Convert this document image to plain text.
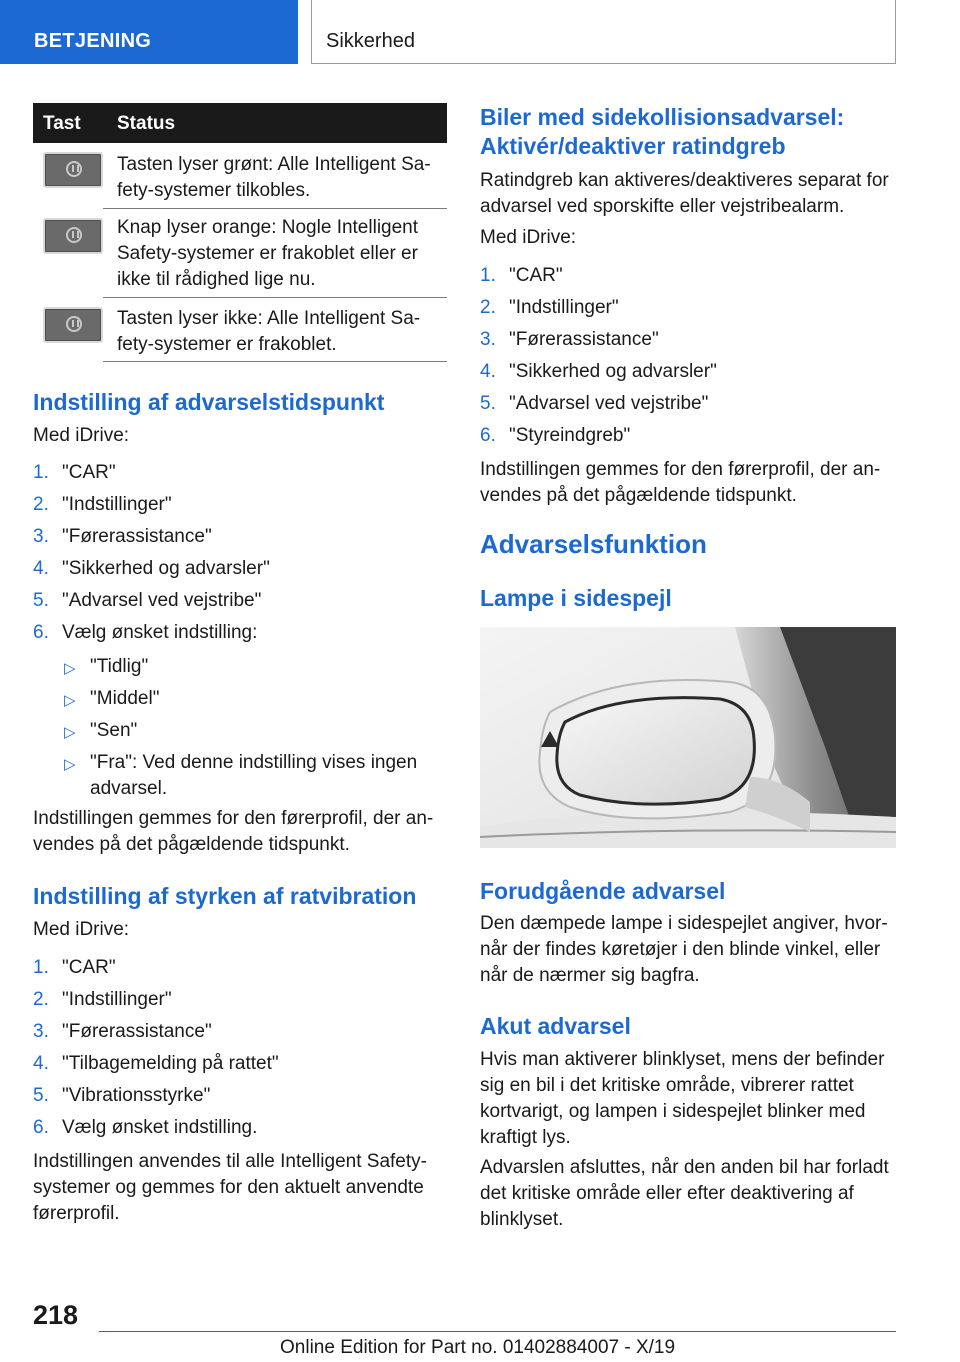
BETJENING	Sikkerhed
Tast Status
Tasten lyser grønt: Alle Intelligent Sa-
fety-systemer tilkobles.
Knap lyser orange: Nogle Intelligent
Safety-systemer er frakoblet eller er
ikke til rådighed lige nu.
Tasten lyser ikke: Alle Intelligent Sa-
fety-systemer er frakoblet.
Indstilling af advarselstidspunkt
Med iDrive:
1. "CAR"
2. "Indstillinger"
3. "Førerassistance"
4. "Sikkerhed og advarsler"
5. "Advarsel ved vejstribe"
6. Vælg ønsket indstilling:
▷ "Tidlig"
▷ "Middel"
▷ "Sen"
▷ "Fra": Ved denne indstilling vises ingen
advarsel.
Indstillingen gemmes for den førerprofil, der an-
vendes på det pågældende tidspunkt.
Indstilling af styrken af ratvibration
Med iDrive:
1. "CAR"
2. "Indstillinger"
3. "Førerassistance"
4. "Tilbagemelding på rattet"
5. "Vibrationsstyrke"
6. Vælg ønsket indstilling.
Indstillingen anvendes til alle Intelligent Safety-
systemer og gemmes for den aktuelt anvendte
førerprofil.
Biler med sidekollisionsadvarsel:
Aktivér/deaktiver ratindgreb
Ratindgreb kan aktiveres/deaktiveres separat for
advarsel ved sporskifte eller vejstribealarm.
Med iDrive:
1. "CAR"
2. "Indstillinger"
3. "Førerassistance"
4. "Sikkerhed og advarsler"
5. "Advarsel ved vejstribe"
6. "Styreindgreb"
Indstillingen gemmes for den førerprofil, der an-
vendes på det pågældende tidspunkt.
Advarselsfunktion
Lampe i sidespejl
Forudgående advarsel
Den dæmpede lampe i sidespejlet angiver, hvor-
når der findes køretøjer i den blinde vinkel, eller
når de nærmer sig bagfra.
Akut advarsel
Hvis man aktiverer blinklyset, mens der befinder
sig en bil i det kritiske område, vibrerer rattet
kortvarigt, og lampen i sidespejlet blinker med
kraftigt lys.
Advarslen afsluttes, når den anden bil har forladt
det kritiske område eller efter deaktivering af
blinklyset.
218
Online Edition for Part no. 01402884007 - X/19
